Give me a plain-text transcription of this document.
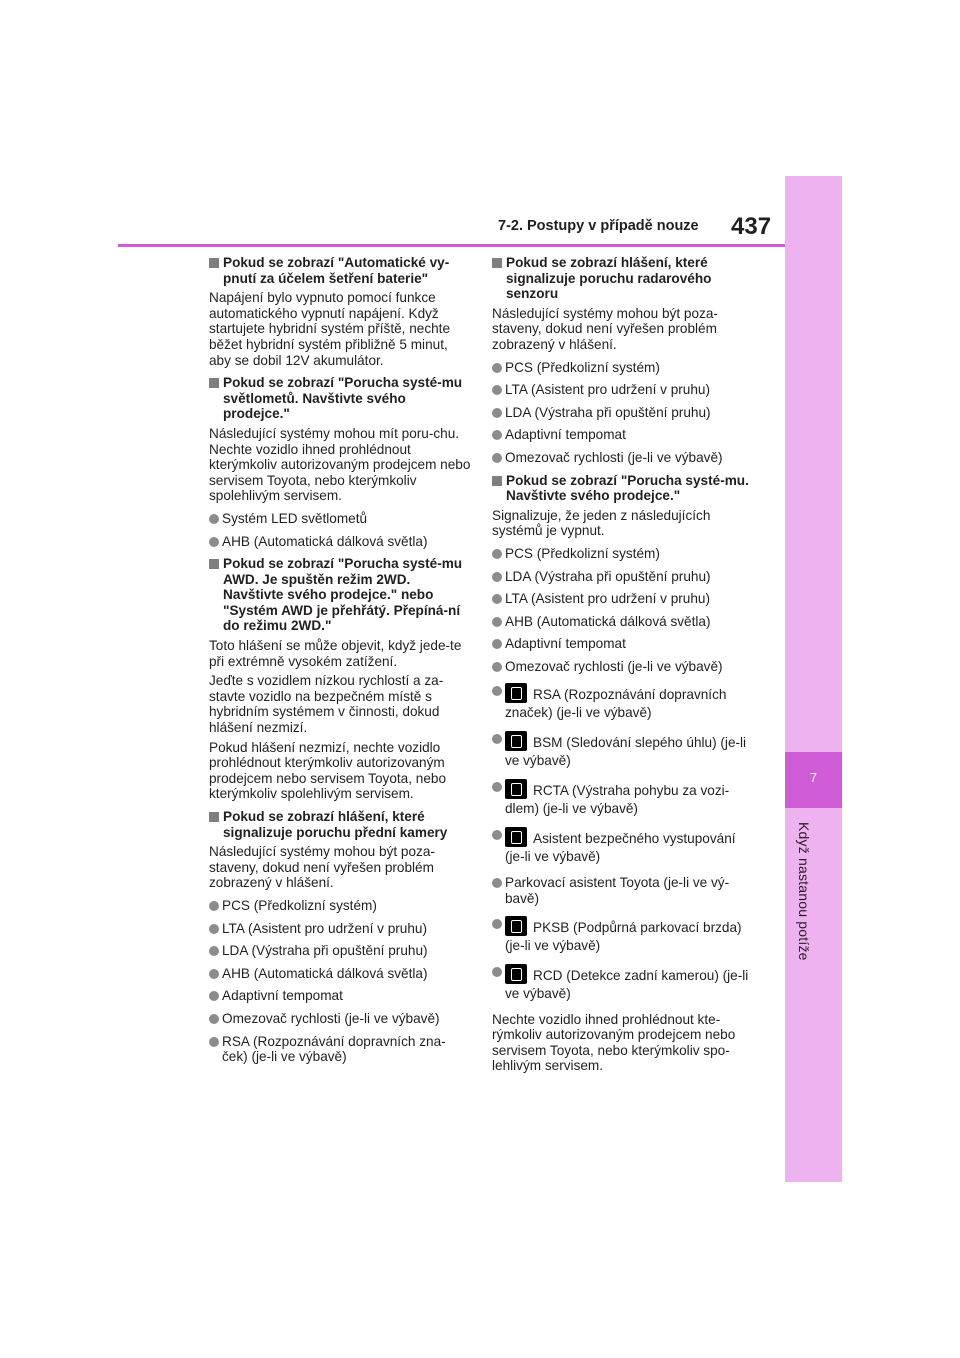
7
Když nastanou potíže
7-2. Postupy v případě nouze 437
Pokud se zobrazí "Automatické vy-pnutí za účelem šetření baterie"
Napájení bylo vypnuto pomocí funkce automatického vypnutí napájení. Když startujete hybridní systém příště, nechte běžet hybridní systém přibližně 5 minut, aby se dobil 12V akumulátor.
Pokud se zobrazí "Porucha systé-mu světlometů. Navštivte svého prodejce."
Následující systémy mohou mít poru-chu. Nechte vozidlo ihned prohlédnout kterýmkoliv autorizovaným prodejcem nebo servisem Toyota, nebo kterýmkoliv spolehlivým servisem.
Systém LED světlometů
AHB (Automatická dálková světla)
Pokud se zobrazí "Porucha systé-mu AWD. Je spuštěn režim 2WD. Navštivte svého prodejce." nebo "Systém AWD je přehřátý. Přepíná-ní do režimu 2WD."
Toto hlášení se může objevit, když jede-te při extrémně vysokém zatížení.
Jeďte s vozidlem nízkou rychlostí a za-stavte vozidlo na bezpečném místě s hybridním systémem v činnosti, dokud hlášení nezmizí.
Pokud hlášení nezmizí, nechte vozidlo prohlédnout kterýmkoliv autorizovaným prodejcem nebo servisem Toyota, nebo kterýmkoliv spolehlivým servisem.
Pokud se zobrazí hlášení, které signalizuje poruchu přední kamery
Následující systémy mohou být poza-staveny, dokud není vyřešen problém zobrazený v hlášení.
PCS (Předkolizní systém)
LTA (Asistent pro udržení v pruhu)
LDA (Výstraha při opuštění pruhu)
AHB (Automatická dálková světla)
Adaptivní tempomat
Omezovač rychlosti (je-li ve výbavě)
RSA (Rozpoznávání dopravních zna-ček) (je-li ve výbavě)
Pokud se zobrazí hlášení, které signalizuje poruchu radarového senzoru
Následující systémy mohou být poza-staveny, dokud není vyřešen problém zobrazený v hlášení.
PCS (Předkolizní systém)
LTA (Asistent pro udržení v pruhu)
LDA (Výstraha při opuštění pruhu)
Adaptivní tempomat
Omezovač rychlosti (je-li ve výbavě)
Pokud se zobrazí "Porucha systé-mu. Navštivte svého prodejce."
Signalizuje, že jeden z následujících systémů je vypnut.
PCS (Předkolizní systém)
LDA (Výstraha při opuštění pruhu)
LTA (Asistent pro udržení v pruhu)
AHB (Automatická dálková světla)
Adaptivní tempomat
Omezovač rychlosti (je-li ve výbavě)
RSA (Rozpoznávání dopravních značek) (je-li ve výbavě)
BSM (Sledování slepého úhlu) (je-li ve výbavě)
RCTA (Výstraha pohybu za vozi-dlem) (je-li ve výbavě)
Asistent bezpečného vystupování (je-li ve výbavě)
Parkovací asistent Toyota (je-li ve vý-bavě)
PKSB (Podpůrná parkovací brzda) (je-li ve výbavě)
RCD (Detekce zadní kamerou) (je-li ve výbavě)
Nechte vozidlo ihned prohlédnout kte-rýmkoliv autorizovaným prodejcem nebo servisem Toyota, nebo kterýmkoliv spo-lehlivým servisem.
